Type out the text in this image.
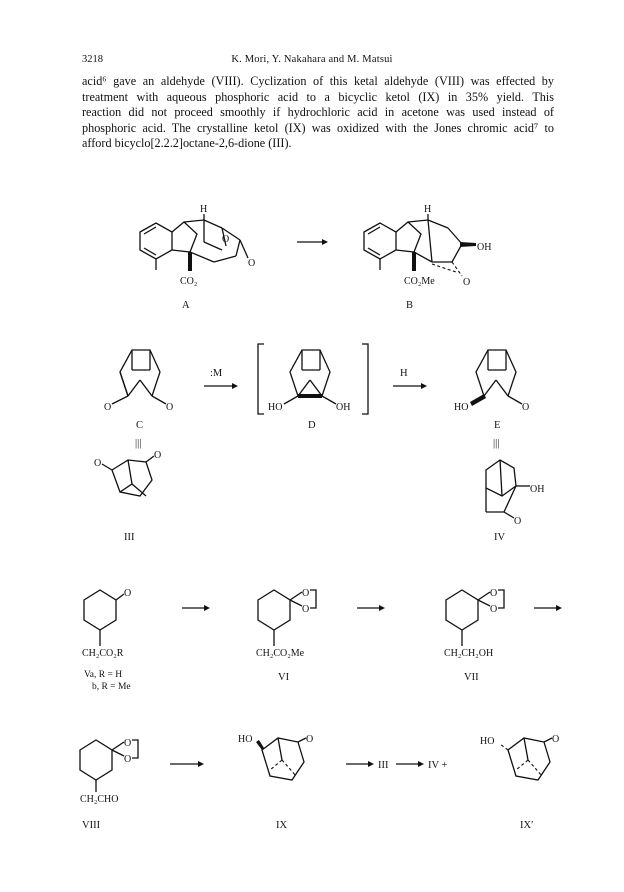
3218	K. Mori, Y. Nakahara and M. Matsui

acid⁶ gave an aldehyde (VIII). Cyclization of this ketal aldehyde (VIII) was effected by
treatment with aqueous phosphoric acid to a bicyclic ketol (IX) in 35% yield. This
reaction did not proceed smoothly if hydrochloric acid in acetone was used instead of
phosphoric acid. The crystalline ketol (IX) was oxidized with the Jones chromic acid⁷ to
afford bicyclo[2.2.2]octane-2,6-dione (III).

H
O
O
CO₂
A
H
OH
CO₂Me	O
B
O	O
C
|||
:M
HO	OH
D
H
HO	O
E
|||
O
O
III
OH
O
IV
O
CH₂CO₂R
Va, R = H
b, R = Me
O
O
CH₂CO₂Me
VI
O
O
CH₂CH₂OH
VII
O
O
CH₂CHO
VIII
HO	O
IX
III	IV +
HO	O
IX′
